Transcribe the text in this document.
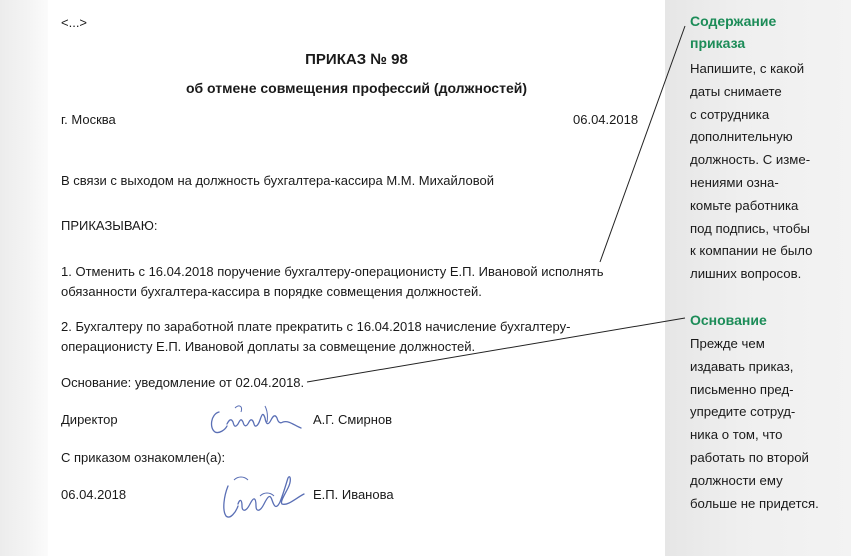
<...>
ПРИКАЗ № 98
об отмене совмещения профессий (должностей)
г. Москва	06.04.2018
В связи с выходом на должность бухгалтера-кассира М.М. Михайловой
ПРИКАЗЫВАЮ:
1. Отменить с 16.04.2018 поручение бухгалтеру-операционисту Е.П. Ивановой исполнять
обязанности бухгалтера-кассира в порядке совмещения должностей.
2. Бухгалтеру по заработной плате прекратить с 16.04.2018 начисление бухгалтеру-
операционисту Е.П. Ивановой доплаты за совмещение должностей.
Основание: уведомление от 02.04.2018.
Директор	А.Г. Смирнов
С приказом ознакомлен(а):
06.04.2018	Е.П. Иванова
Содержание
приказа
Напишите, с какой
даты снимаете
с сотрудника
дополнительную
должность. С изме-
нениями озна-
комьте работника
под подпись, чтобы
к компании не было
лишних вопросов.
Основание
Прежде чем
издавать приказ,
письменно пред-
упредите сотруд-
ника о том, что
работать по второй
должности ему
больше не придется.
